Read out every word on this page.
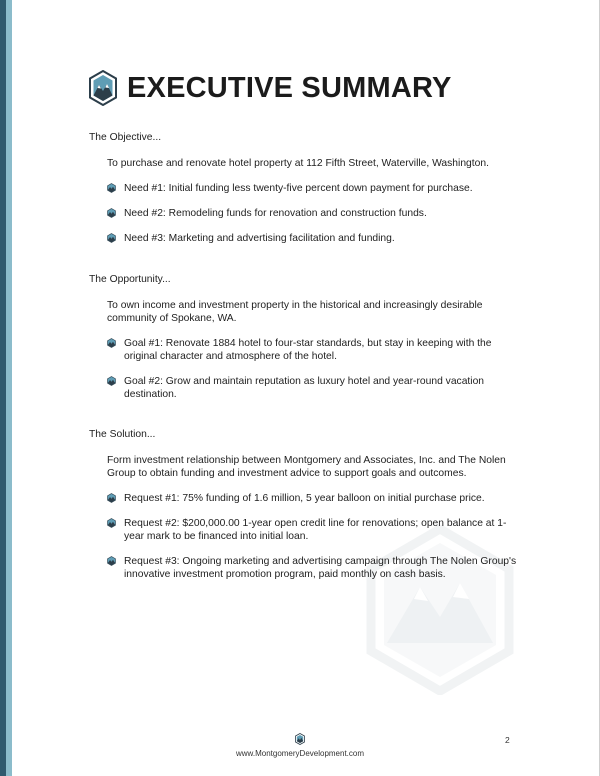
EXECUTIVE SUMMARY
The Objective...
To purchase and renovate hotel property at 112 Fifth Street, Waterville, Washington.
Need #1: Initial funding less twenty-five percent down payment for purchase.
Need #2: Remodeling funds for renovation and construction funds.
Need #3: Marketing and advertising facilitation and funding.
The Opportunity...
To own income and investment property in the historical and increasingly desirable community of Spokane, WA.
Goal #1: Renovate 1884 hotel to four-star standards, but stay in keeping with the original character and atmosphere of the hotel.
Goal #2: Grow and maintain reputation as luxury hotel and year-round vacation destination.
The Solution...
Form investment relationship between Montgomery and Associates, Inc. and The Nolen Group to obtain funding and investment advice to support goals and outcomes.
Request #1: 75% funding of 1.6 million, 5 year balloon on initial purchase price.
Request #2: $200,000.00 1-year open credit line for renovations; open balance at 1-year mark to be financed into initial loan.
Request #3: Ongoing marketing and advertising campaign through The Nolen Group's innovative investment promotion program, paid monthly on cash basis.
www.MontgomeryDevelopment.com
2
